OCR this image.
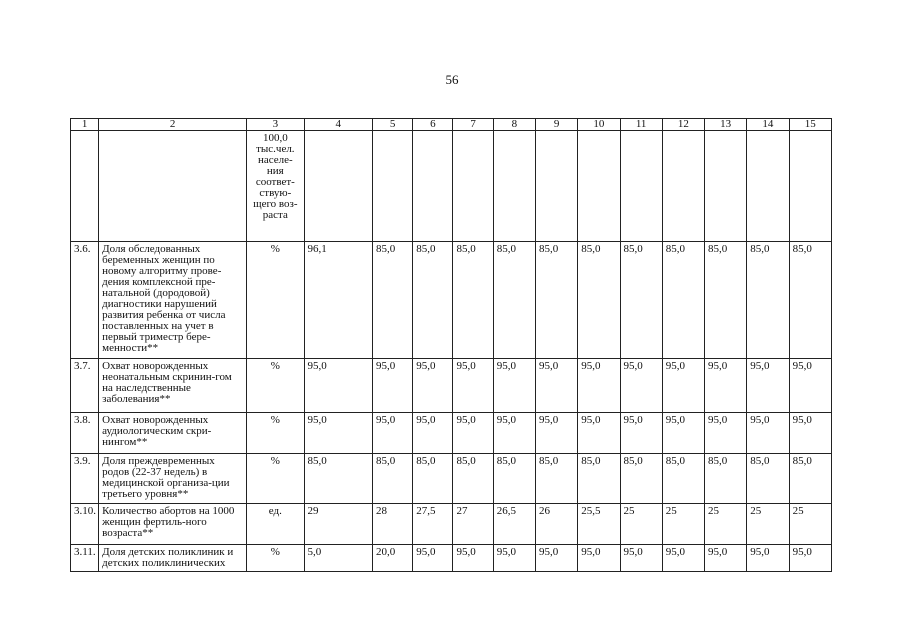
56
1	2	3	4	5	6	7	8	9	10	11	12	13	14	15
		100,0 тыс.чел. населе-ния соответ-ствую-щего воз-раста												
3.6.	Доля обследованных беременных женщин по новому алгоритму прове-дения комплексной пре-натальной (дородовой) диагностики нарушений развития ребенка от числа поставленных на учет в первый триместр бере-менности**	%	96,1	85,0	85,0	85,0	85,0	85,0	85,0	85,0	85,0	85,0	85,0	85,0
3.7.	Охват новорожденных неонатальным скринин-гом на наследственные заболевания**	%	95,0	95,0	95,0	95,0	95,0	95,0	95,0	95,0	95,0	95,0	95,0	95,0
3.8.	Охват новорожденных аудиологическим скри-нингом**	%	95,0	95,0	95,0	95,0	95,0	95,0	95,0	95,0	95,0	95,0	95,0	95,0
3.9.	Доля преждевременных родов (22-37 недель) в медицинской организа-ции третьего уровня**	%	85,0	85,0	85,0	85,0	85,0	85,0	85,0	85,0	85,0	85,0	85,0	85,0
3.10.	Количество абортов на 1000 женщин фертиль-ного возраста**	ед.	29	28	27,5	27	26,5	26	25,5	25	25	25	25	25
3.11.	Доля детских поликлиник и детских поликлинических	%	5,0	20,0	95,0	95,0	95,0	95,0	95,0	95,0	95,0	95,0	95,0	95,0
